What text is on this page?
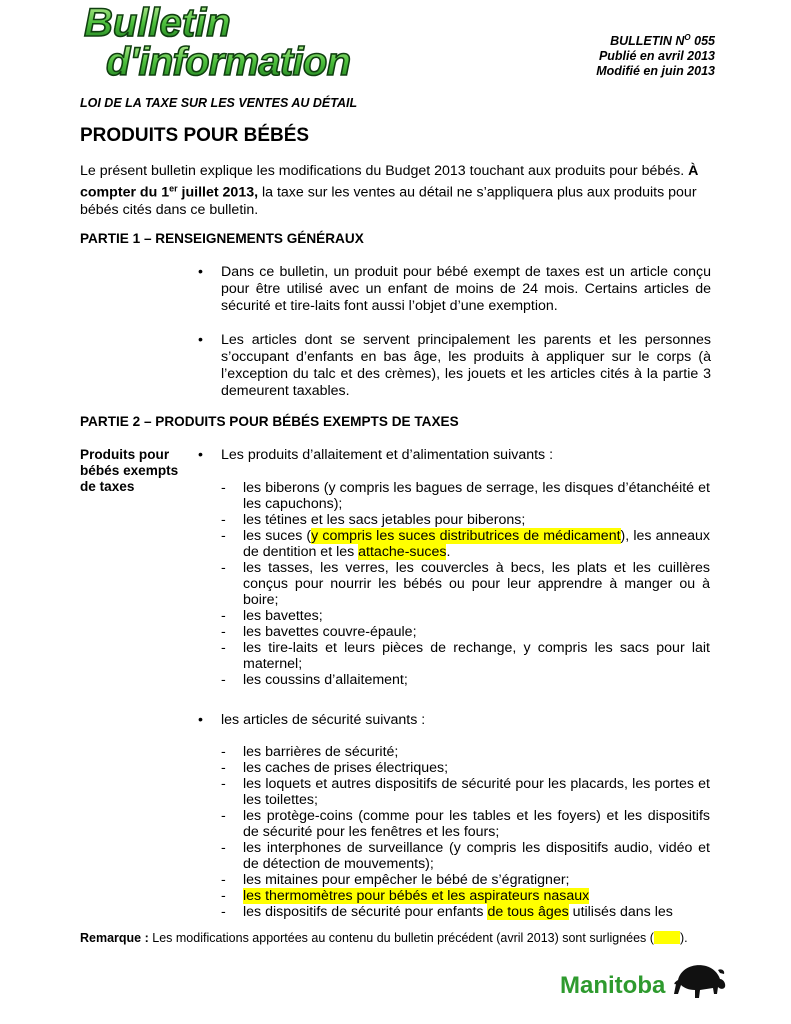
Bulletin
d'information	BULLETIN $N^O$ 055
Publié en avril 2013
Modifié en juin 2013
LOI DE LA TAXE SUR LES VENTES AU DÉTAIL
PRODUITS POUR BÉBÉS
Le présent bulletin explique les modifications du Budget 2013 touchant aux produits pour bébés. À compter du 1er juillet 2013, la taxe sur les ventes au détail ne s’appliquera plus aux produits pour bébés cités dans ce bulletin.
PARTIE 1 – RENSEIGNEMENTS GÉNÉRAUX
• Dans ce bulletin, un produit pour bébé exempt de taxes est un article conçu pour être utilisé avec un enfant de moins de 24 mois. Certains articles de sécurité et tire-laits font aussi l’objet d’une exemption.
• Les articles dont se servent principalement les parents et les personnes s’occupant d’enfants en bas âge, les produits à appliquer sur le corps (à l’exception du talc et des crèmes), les jouets et les articles cités à la partie 3 demeurent taxables.
PARTIE 2 – PRODUITS POUR BÉBÉS EXEMPTS DE TAXES
Produits pour bébés exempts de taxes
• Les produits d’allaitement et d’alimentation suivants :
- les biberons (y compris les bagues de serrage, les disques d’étanchéité et les capuchons);
- les tétines et les sacs jetables pour biberons;
- les suces (y compris les suces distributrices de médicament), les anneaux de dentition et les attache-suces.
- les tasses, les verres, les couvercles à becs, les plats et les cuillères conçus pour nourrir les bébés ou pour leur apprendre à manger ou à boire;
- les bavettes;
- les bavettes couvre-épaule;
- les tire-laits et leurs pièces de rechange, y compris les sacs pour lait maternel;
- les coussins d’allaitement;
• les articles de sécurité suivants :
- les barrières de sécurité;
- les caches de prises électriques;
- les loquets et autres dispositifs de sécurité pour les placards, les portes et les toilettes;
- les protège-coins (comme pour les tables et les foyers) et les dispositifs de sécurité pour les fenêtres et les fours;
- les interphones de surveillance (y compris les dispositifs audio, vidéo et de détection de mouvements);
- les mitaines pour empêcher le bébé de s’égratigner;
- les thermomètres pour bébés et les aspirateurs nasaux
- les dispositifs de sécurité pour enfants de tous âges utilisés dans les
Remarque : Les modifications apportées au contenu du bulletin précédent (avril 2013) sont surlignées ( ).
Manitoba
